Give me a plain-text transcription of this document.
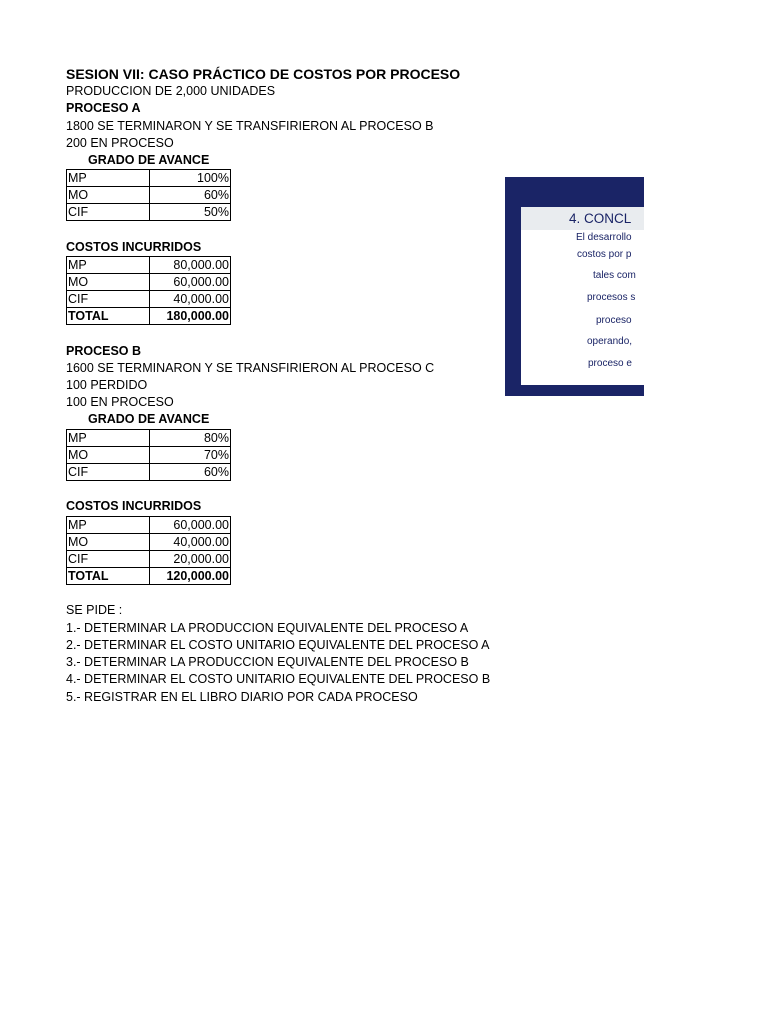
SESION VII: CASO PRÁCTICO DE COSTOS POR PROCESO
PRODUCCION DE 2,000 UNIDADES
PROCESO A
1800 SE TERMINARON Y SE TRANSFIRIERON AL PROCESO B
200 EN PROCESO
GRADO DE AVANCE
MP	100%
MO	60%
CIF	50%
COSTOS INCURRIDOS
MP	80,000.00
MO	60,000.00
CIF	40,000.00
TOTAL	180,000.00
PROCESO B
1600 SE TERMINARON Y SE TRANSFIRIERON AL PROCESO C
100 PERDIDO
100 EN PROCESO
GRADO DE AVANCE
MP	80%
MO	70%
CIF	60%
COSTOS INCURRIDOS
MP	60,000.00
MO	40,000.00
CIF	20,000.00
TOTAL	120,000.00
SE PIDE :
1.- DETERMINAR LA PRODUCCION EQUIVALENTE DEL PROCESO A
2.- DETERMINAR EL COSTO UNITARIO EQUIVALENTE DEL PROCESO A
3.- DETERMINAR LA PRODUCCION EQUIVALENTE DEL PROCESO B
4.- DETERMINAR EL COSTO UNITARIO EQUIVALENTE DEL PROCESO B
5.- REGISTRAR EN EL LIBRO DIARIO POR CADA PROCESO
4. CONCL
El desarrollo
costos por p
tales com
procesos s
proceso
operando,
proceso e
